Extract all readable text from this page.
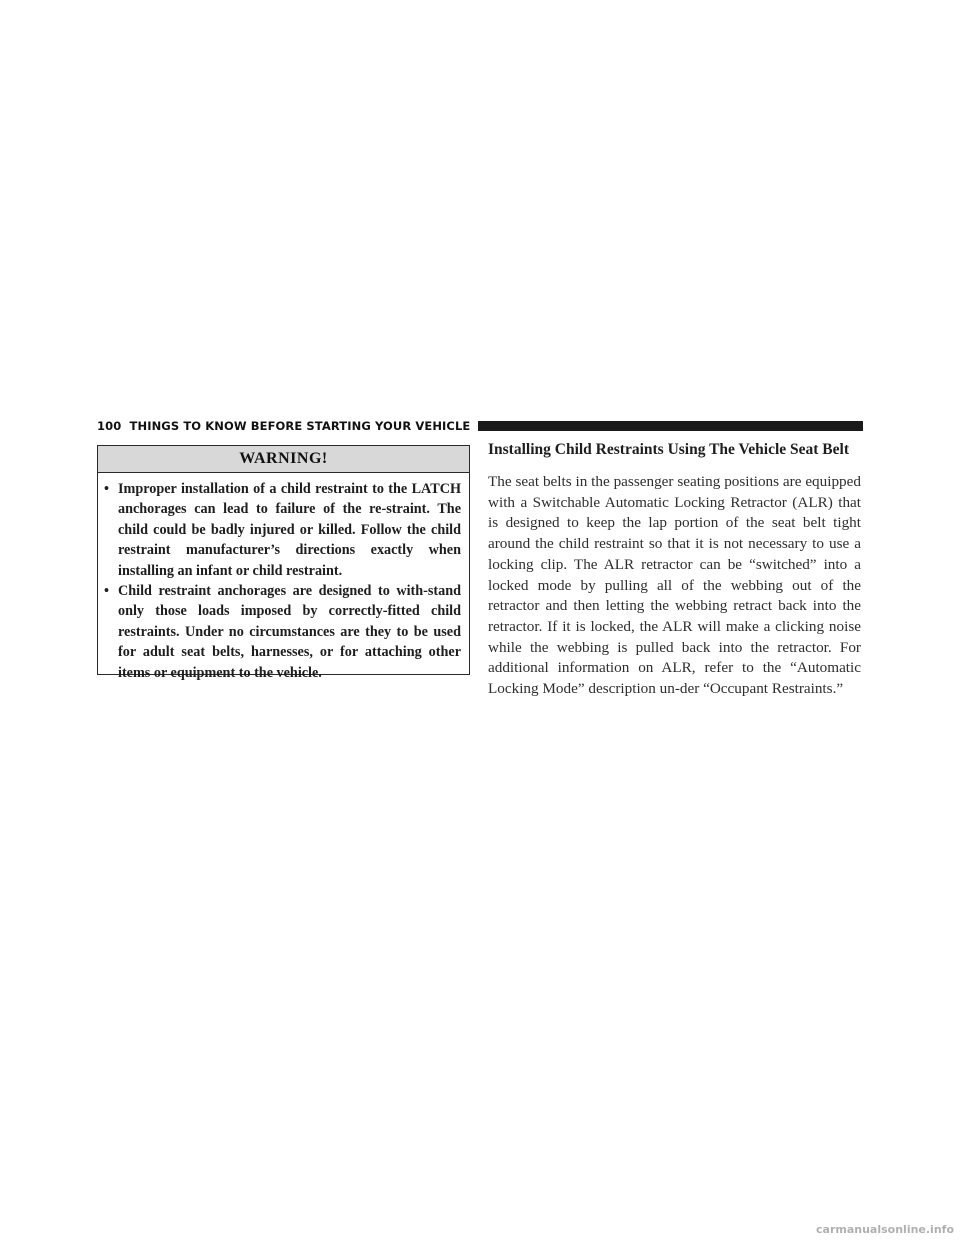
100 THINGS TO KNOW BEFORE STARTING YOUR VEHICLE
WARNING!
• Improper installation of a child restraint to the LATCH anchorages can lead to failure of the re-straint. The child could be badly injured or killed. Follow the child restraint manufacturer’s directions exactly when installing an infant or child restraint.
• Child restraint anchorages are designed to with-stand only those loads imposed by correctly-fitted child restraints. Under no circumstances are they to be used for adult seat belts, harnesses, or for attaching other items or equipment to the vehicle.
Installing Child Restraints Using The Vehicle Seat Belt

The seat belts in the passenger seating positions are equipped with a Switchable Automatic Locking Retractor (ALR) that is designed to keep the lap portion of the seat belt tight around the child restraint so that it is not necessary to use a locking clip. The ALR retractor can be “switched” into a locked mode by pulling all of the webbing out of the retractor and then letting the webbing retract back into the retractor. If it is locked, the ALR will make a clicking noise while the webbing is pulled back into the retractor. For additional information on ALR, refer to the “Automatic Locking Mode” description un-der “Occupant Restraints.”

carmanualsonline.info
